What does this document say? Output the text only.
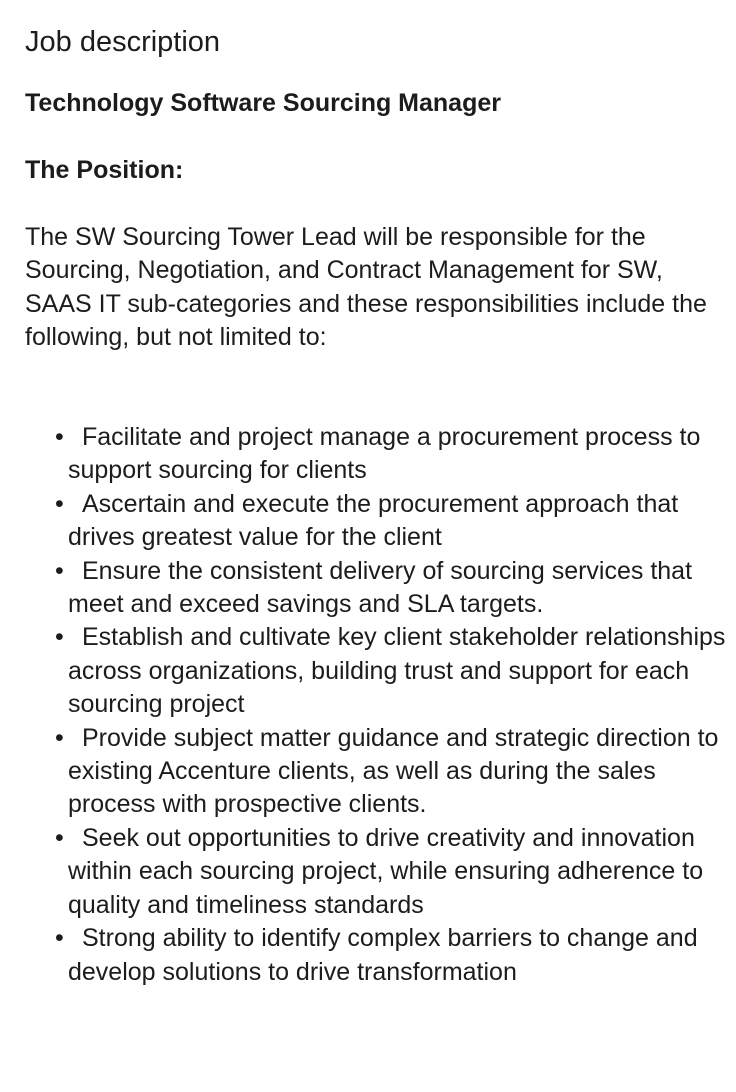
Job description
Technology Software Sourcing Manager
The Position:

The SW Sourcing Tower Lead will be responsible for the Sourcing, Negotiation, and Contract Management for SW, SAAS IT sub-categories and these responsibilities include the following, but not limited to:

• Facilitate and project manage a procurement process to support sourcing for clients
• Ascertain and execute the procurement approach that drives greatest value for the client
• Ensure the consistent delivery of sourcing services that meet and exceed savings and SLA targets.
• Establish and cultivate key client stakeholder relationships across organizations, building trust and support for each sourcing project
• Provide subject matter guidance and strategic direction to existing Accenture clients, as well as during the sales process with prospective clients.
• Seek out opportunities to drive creativity and innovation within each sourcing project, while ensuring adherence to quality and timeliness standards
• Strong ability to identify complex barriers to change and develop solutions to drive transformation
